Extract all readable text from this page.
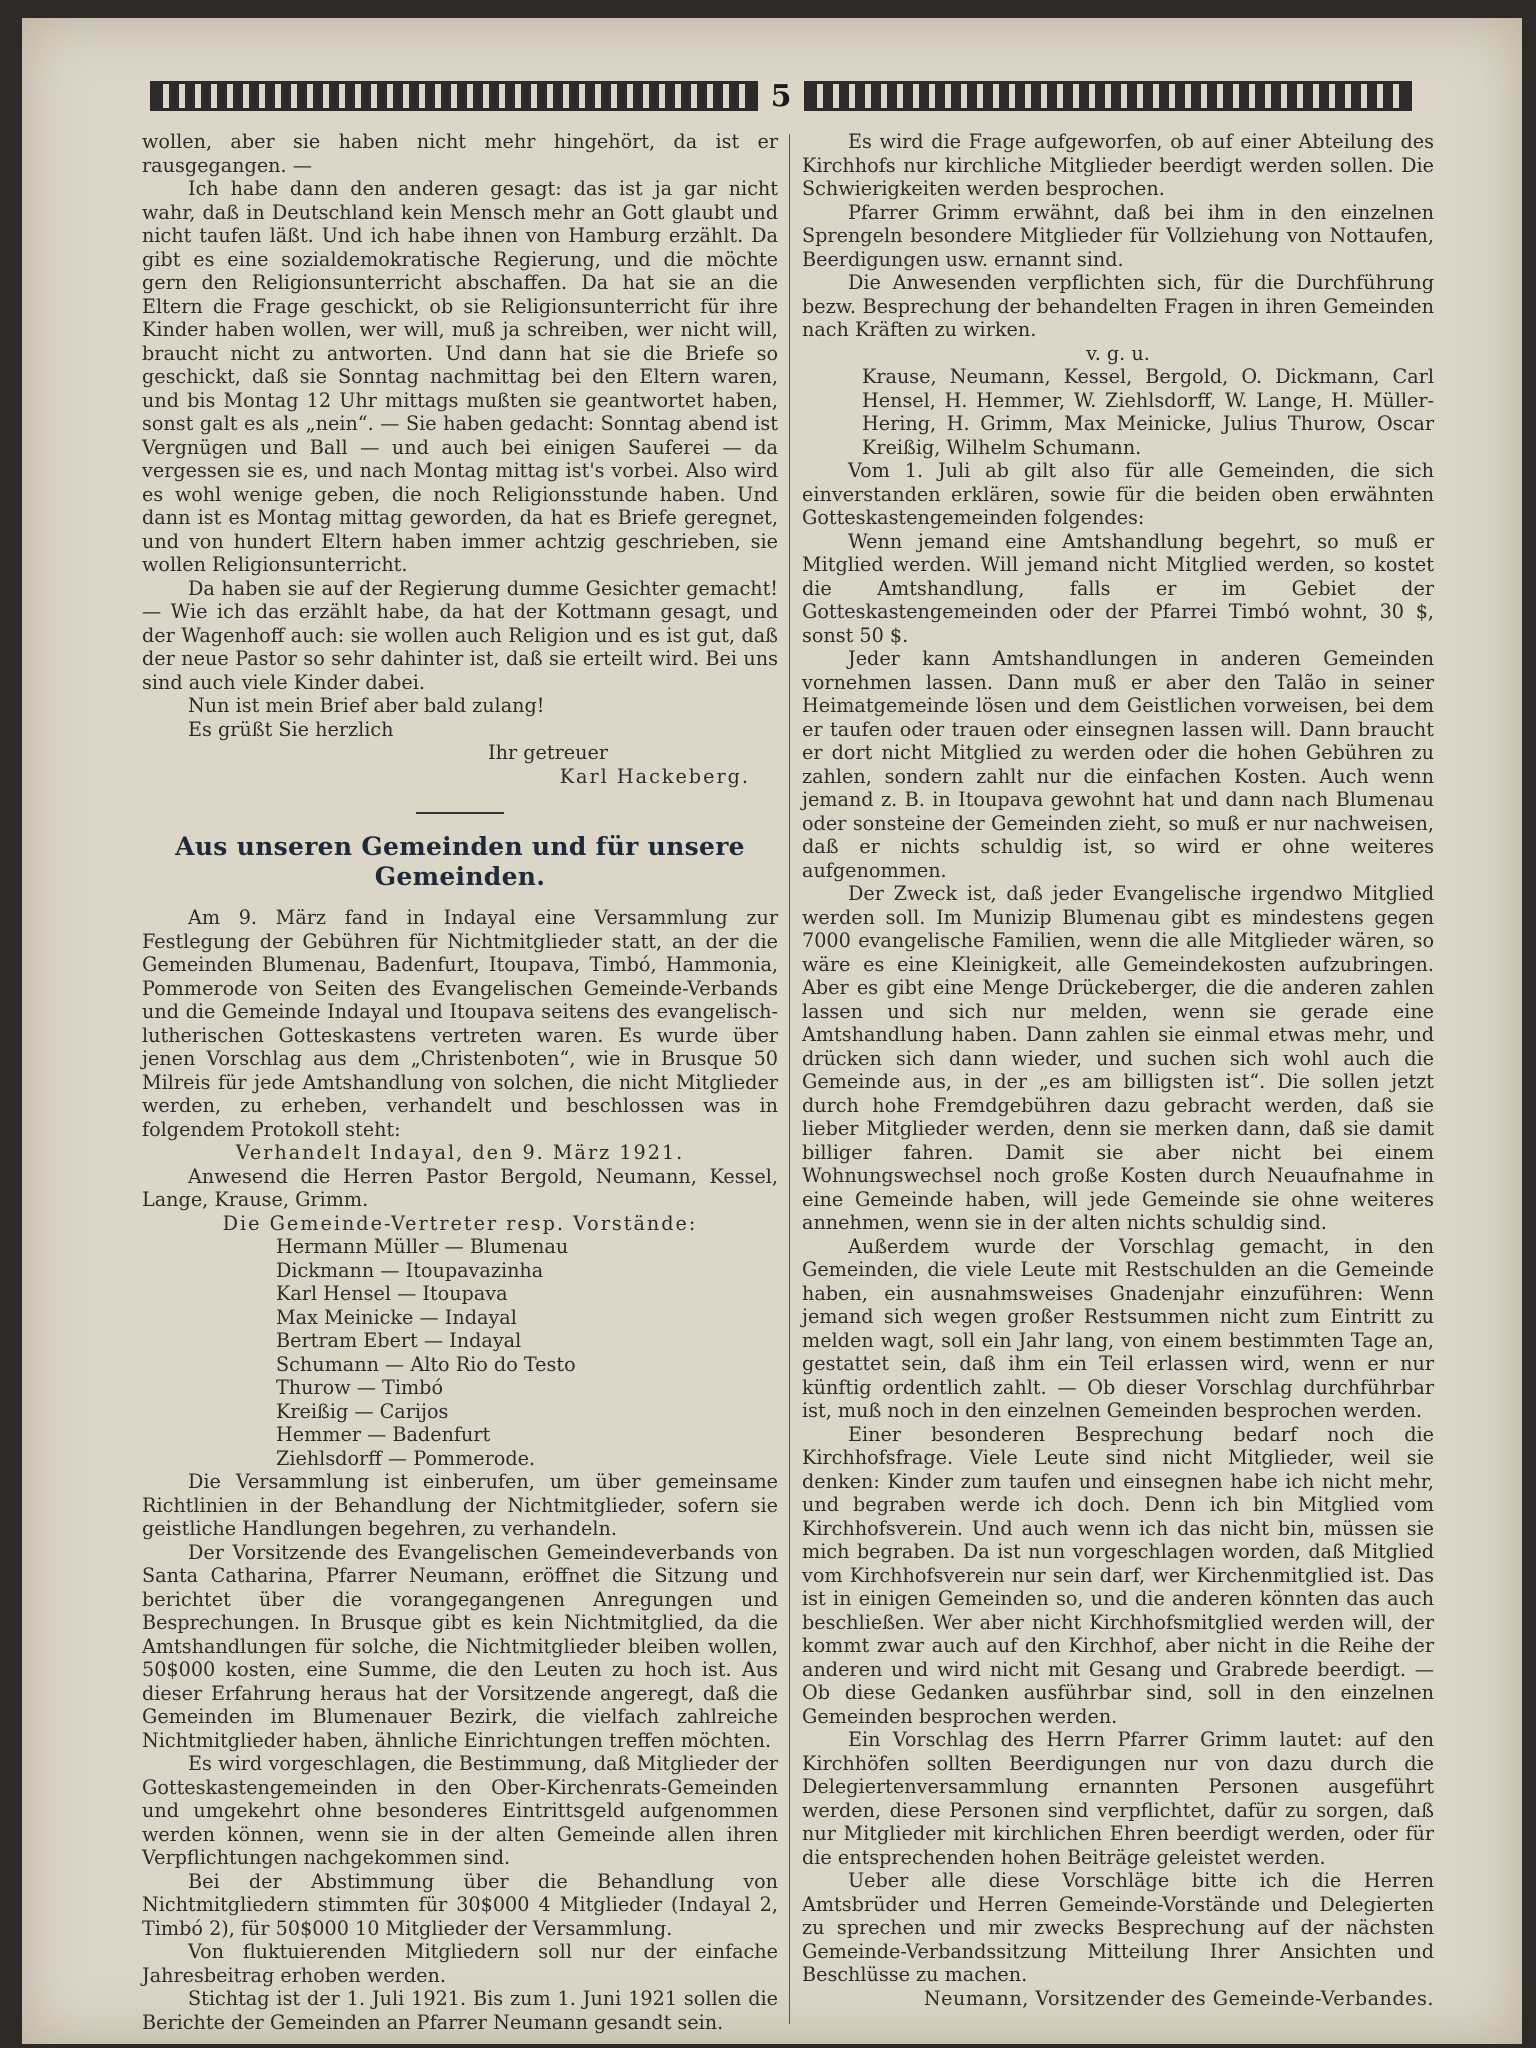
5

wollen, aber sie haben nicht mehr hingehört, da ist er rausgegangen. —

Ich habe dann den anderen gesagt: das ist ja gar nicht wahr, daß in Deutschland kein Mensch mehr an Gott glaubt und nicht taufen läßt. Und ich habe ihnen von Hamburg erzählt. Da gibt es eine sozialdemokratische Regierung, und die möchte gern den Religionsunterricht abschaffen. Da hat sie an die Eltern die Frage geschickt, ob sie Religionsunterricht für ihre Kinder haben wollen, wer will, muß ja schreiben, wer nicht will, braucht nicht zu antworten. Und dann hat sie die Briefe so geschickt, daß sie Sonntag nachmittag bei den Eltern waren, und bis Montag 12 Uhr mittags mußten sie geantwortet haben, sonst galt es als „nein“. — Sie haben gedacht: Sonntag abend ist Vergnügen und Ball — und auch bei einigen Sauferei — da vergessen sie es, und nach Montag mittag ist's vorbei. Also wird es wohl wenige geben, die noch Religionsstunde haben. Und dann ist es Montag mittag geworden, da hat es Briefe geregnet, und von hundert Eltern haben immer achtzig geschrieben, sie wollen Religionsunterricht.

Da haben sie auf der Regierung dumme Gesichter gemacht! — Wie ich das erzählt habe, da hat der Kottmann gesagt, und der Wagenhoff auch: sie wollen auch Religion und es ist gut, daß der neue Pastor so sehr dahinter ist, daß sie erteilt wird. Bei uns sind auch viele Kinder dabei.

Nun ist mein Brief aber bald zulang!

Es grüßt Sie herzlich

Ihr getreuer

Karl Hackeberg.

Aus unseren Gemeinden und für unsere Gemeinden.

Am 9. März fand in Indayal eine Versammlung zur Festlegung der Gebühren für Nichtmitglieder statt, an der die Gemeinden Blumenau, Badenfurt, Itoupava, Timbó, Hammonia, Pommerode von Seiten des Evangelischen Gemeinde-Verbands und die Gemeinde Indayal und Itoupava seitens des evangelisch-lutherischen Gotteskastens vertreten waren. Es wurde über jenen Vorschlag aus dem „Christenboten“, wie in Brusque 50 Milreis für jede Amtshandlung von solchen, die nicht Mitglieder werden, zu erheben, verhandelt und beschlossen was in folgendem Protokoll steht:

Verhandelt Indayal, den 9. März 1921.

Anwesend die Herren Pastor Bergold, Neumann, Kessel, Lange, Krause, Grimm.

Die Gemeinde-Vertreter resp. Vorstände:

Hermann Müller — Blumenau
Dickmann — Itoupavazinha
Karl Hensel — Itoupava
Max Meinicke — Indayal
Bertram Ebert — Indayal
Schumann — Alto Rio do Testo
Thurow — Timbó
Kreißig — Carijos
Hemmer — Badenfurt
Ziehlsdorff — Pommerode.

Die Versammlung ist einberufen, um über gemeinsame Richtlinien in der Behandlung der Nichtmitglieder, sofern sie geistliche Handlungen begehren, zu verhandeln.

Der Vorsitzende des Evangelischen Gemeindeverbands von Santa Catharina, Pfarrer Neumann, eröffnet die Sitzung und berichtet über die vorangegangenen Anregungen und Besprechungen. In Brusque gibt es kein Nichtmitglied, da die Amtshandlungen für solche, die Nichtmitglieder bleiben wollen, 50$000 kosten, eine Summe, die den Leuten zu hoch ist. Aus dieser Erfahrung heraus hat der Vorsitzende angeregt, daß die Gemeinden im Blumenauer Bezirk, die vielfach zahlreiche Nichtmitglieder haben, ähnliche Einrichtungen treffen möchten.

Es wird vorgeschlagen, die Bestimmung, daß Mitglieder der Gotteskastengemeinden in den Ober-Kirchenrats-Gemeinden und umgekehrt ohne besonderes Eintrittsgeld aufgenommen werden können, wenn sie in der alten Gemeinde allen ihren Verpflichtungen nachgekommen sind.

Bei der Abstimmung über die Behandlung von Nichtmitgliedern stimmten für 30$000 4 Mitglieder (Indayal 2, Timbó 2), für 50$000 10 Mitglieder der Versammlung.

Von fluktuierenden Mitgliedern soll nur der einfache Jahresbeitrag erhoben werden.

Stichtag ist der 1. Juli 1921. Bis zum 1. Juni 1921 sollen die Berichte der Gemeinden an Pfarrer Neumann gesandt sein.

Es wird die Frage aufgeworfen, ob auf einer Abteilung des Kirchhofs nur kirchliche Mitglieder beerdigt werden sollen. Die Schwierigkeiten werden besprochen.

Pfarrer Grimm erwähnt, daß bei ihm in den einzelnen Sprengeln besondere Mitglieder für Vollziehung von Nottaufen, Beerdigungen usw. ernannt sind.

Die Anwesenden verpflichten sich, für die Durchführung bezw. Besprechung der behandelten Fragen in ihren Gemeinden nach Kräften zu wirken.

v. g. u.

Krause, Neumann, Kessel, Bergold, O. Dickmann, Carl Hensel, H. Hemmer, W. Ziehlsdorff, W. Lange, H. Müller-Hering, H. Grimm, Max Meinicke, Julius Thurow, Oscar Kreißig, Wilhelm Schumann.

Vom 1. Juli ab gilt also für alle Gemeinden, die sich einverstanden erklären, sowie für die beiden oben erwähnten Gotteskastengemeinden folgendes:

Wenn jemand eine Amtshandlung begehrt, so muß er Mitglied werden. Will jemand nicht Mitglied werden, so kostet die Amtshandlung, falls er im Gebiet der Gotteskastengemeinden oder der Pfarrei Timbó wohnt, 30 $, sonst 50 $.

Jeder kann Amtshandlungen in anderen Gemeinden vornehmen lassen. Dann muß er aber den Talão in seiner Heimatgemeinde lösen und dem Geistlichen vorweisen, bei dem er taufen oder trauen oder einsegnen lassen will. Dann braucht er dort nicht Mitglied zu werden oder die hohen Gebühren zu zahlen, sondern zahlt nur die einfachen Kosten. Auch wenn jemand z. B. in Itoupava gewohnt hat und dann nach Blumenau oder sonsteine der Gemeinden zieht, so muß er nur nachweisen, daß er nichts schuldig ist, so wird er ohne weiteres aufgenommen.

Der Zweck ist, daß jeder Evangelische irgendwo Mitglied werden soll. Im Munizip Blumenau gibt es mindestens gegen 7000 evangelische Familien, wenn die alle Mitglieder wären, so wäre es eine Kleinigkeit, alle Gemeindekosten aufzubringen. Aber es gibt eine Menge Drückeberger, die die anderen zahlen lassen und sich nur melden, wenn sie gerade eine Amtshandlung haben. Dann zahlen sie einmal etwas mehr, und drücken sich dann wieder, und suchen sich wohl auch die Gemeinde aus, in der „es am billigsten ist“. Die sollen jetzt durch hohe Fremdgebühren dazu gebracht werden, daß sie lieber Mitglieder werden, denn sie merken dann, daß sie damit billiger fahren. Damit sie aber nicht bei einem Wohnungswechsel noch große Kosten durch Neuaufnahme in eine Gemeinde haben, will jede Gemeinde sie ohne weiteres annehmen, wenn sie in der alten nichts schuldig sind.

Außerdem wurde der Vorschlag gemacht, in den Gemeinden, die viele Leute mit Restschulden an die Gemeinde haben, ein ausnahmsweises Gnadenjahr einzuführen: Wenn jemand sich wegen großer Restsummen nicht zum Eintritt zu melden wagt, soll ein Jahr lang, von einem bestimmten Tage an, gestattet sein, daß ihm ein Teil erlassen wird, wenn er nur künftig ordentlich zahlt. — Ob dieser Vorschlag durchführbar ist, muß noch in den einzelnen Gemeinden besprochen werden.

Einer besonderen Besprechung bedarf noch die Kirchhofsfrage. Viele Leute sind nicht Mitglieder, weil sie denken: Kinder zum taufen und einsegnen habe ich nicht mehr, und begraben werde ich doch. Denn ich bin Mitglied vom Kirchhofsverein. Und auch wenn ich das nicht bin, müssen sie mich begraben. Da ist nun vorgeschlagen worden, daß Mitglied vom Kirchhofsverein nur sein darf, wer Kirchenmitglied ist. Das ist in einigen Gemeinden so, und die anderen könnten das auch beschließen. Wer aber nicht Kirchhofsmitglied werden will, der kommt zwar auch auf den Kirchhof, aber nicht in die Reihe der anderen und wird nicht mit Gesang und Grabrede beerdigt. — Ob diese Gedanken ausführbar sind, soll in den einzelnen Gemeinden besprochen werden.

Ein Vorschlag des Herrn Pfarrer Grimm lautet: auf den Kirchhöfen sollten Beerdigungen nur von dazu durch die Delegiertenversammlung ernannten Personen ausgeführt werden, diese Personen sind verpflichtet, dafür zu sorgen, daß nur Mitglieder mit kirchlichen Ehren beerdigt werden, oder für die entsprechenden hohen Beiträge geleistet werden.

Ueber alle diese Vorschläge bitte ich die Herren Amtsbrüder und Herren Gemeinde-Vorstände und Delegierten zu sprechen und mir zwecks Besprechung auf der nächsten Gemeinde-Verbandssitzung Mitteilung Ihrer Ansichten und Beschlüsse zu machen.

Neumann, Vorsitzender des Gemeinde-Verbandes.
